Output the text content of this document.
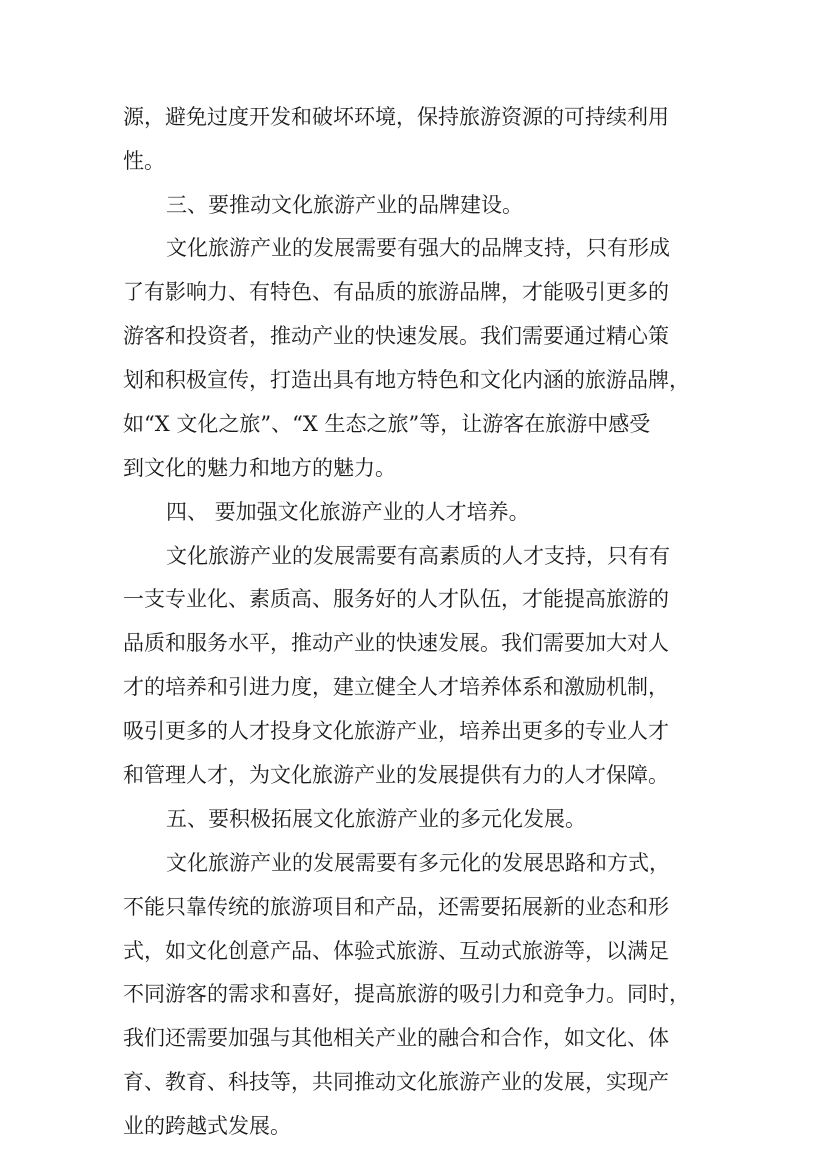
源，避免过度开发和破坏环境，保持旅游资源的可持续利用

性。

三、要推动文化旅游产业的品牌建设。

文化旅游产业的发展需要有强大的品牌支持，只有形成

了有影响力、有特色、有品质的旅游品牌，才能吸引更多的

游客和投资者，推动产业的快速发展。我们需要通过精心策

划和积极宣传，打造出具有地方特色和文化内涵的旅游品牌，

如“X 文化之旅”、“X 生态之旅”等，让游客在旅游中感受

到文化的魅力和地方的魅力。

四、 要加强文化旅游产业的人才培养。

文化旅游产业的发展需要有高素质的人才支持，只有有

一支专业化、素质高、服务好的人才队伍，才能提高旅游的

品质和服务水平，推动产业的快速发展。我们需要加大对人

才的培养和引进力度，建立健全人才培养体系和激励机制，

吸引更多的人才投身文化旅游产业，培养出更多的专业人才

和管理人才，为文化旅游产业的发展提供有力的人才保障。

五、要积极拓展文化旅游产业的多元化发展。

文化旅游产业的发展需要有多元化的发展思路和方式，

不能只靠传统的旅游项目和产品，还需要拓展新的业态和形

式，如文化创意产品、体验式旅游、互动式旅游等，以满足

不同游客的需求和喜好，提高旅游的吸引力和竞争力。同时，

我们还需要加强与其他相关产业的融合和合作，如文化、体

育、教育、科技等，共同推动文化旅游产业的发展，实现产

业的跨越式发展。
